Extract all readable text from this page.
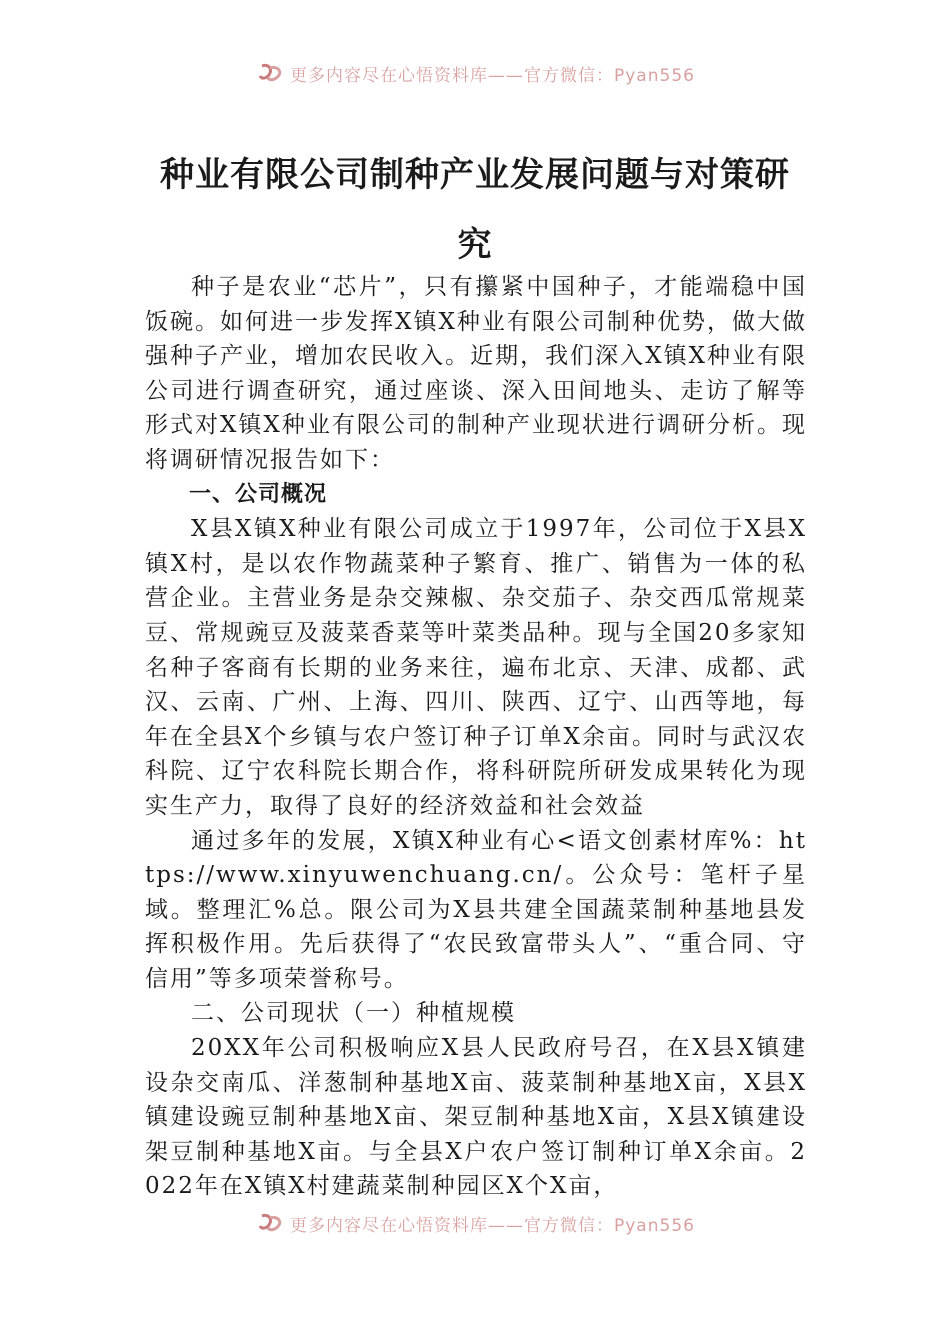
更多内容尽在心悟资料库——官方微信：Pyan556
种业有限公司制种产业发展问题与对策研
究

种子是农业“芯片”，只有攥紧中国种子，才能端稳中国饭碗。如何进一步发挥X镇X种业有限公司制种优势，做大做强种子产业，增加农民收入。近期，我们深入X镇X种业有限公司进行调查研究，通过座谈、深入田间地头、走访了解等形式对X镇X种业有限公司的制种产业现状进行调研分析。现将调研情况报告如下：

一、公司概况

X县X镇X种业有限公司成立于1997年，公司位于X县X镇X村，是以农作物蔬菜种子繁育、推广、销售为一体的私营企业。主营业务是杂交辣椒、杂交茄子、杂交西瓜常规菜豆、常规豌豆及菠菜香菜等叶菜类品种。现与全国20多家知名种子客商有长期的业务来往，遍布北京、天津、成都、武汉、云南、广州、上海、四川、陕西、辽宁、山西等地，每年在全县X个乡镇与农户签订种子订单X余亩。同时与武汉农科院、辽宁农科院长期合作，将科研院所研发成果转化为现实生产力，取得了良好的经济效益和社会效益

通过多年的发展，X镇X种业有心<语文创素材库%：https://www.xinyuwenchuang.cn/。公众号：笔杆子星域。整理汇%总。限公司为X县共建全国蔬菜制种基地县发挥积极作用。先后获得了“农民致富带头人”、“重合同、守信用”等多项荣誉称号。

二、公司现状（一）种植规模

20XX年公司积极响应X县人民政府号召，在X县X镇建设杂交南瓜、洋葱制种基地X亩、菠菜制种基地X亩，X县X镇建设豌豆制种基地X亩、架豆制种基地X亩，X县X镇建设架豆制种基地X亩。与全县X户农户签订制种订单X余亩。2022年在X镇X村建蔬菜制种园区X个X亩，

更多内容尽在心悟资料库——官方微信：Pyan556
